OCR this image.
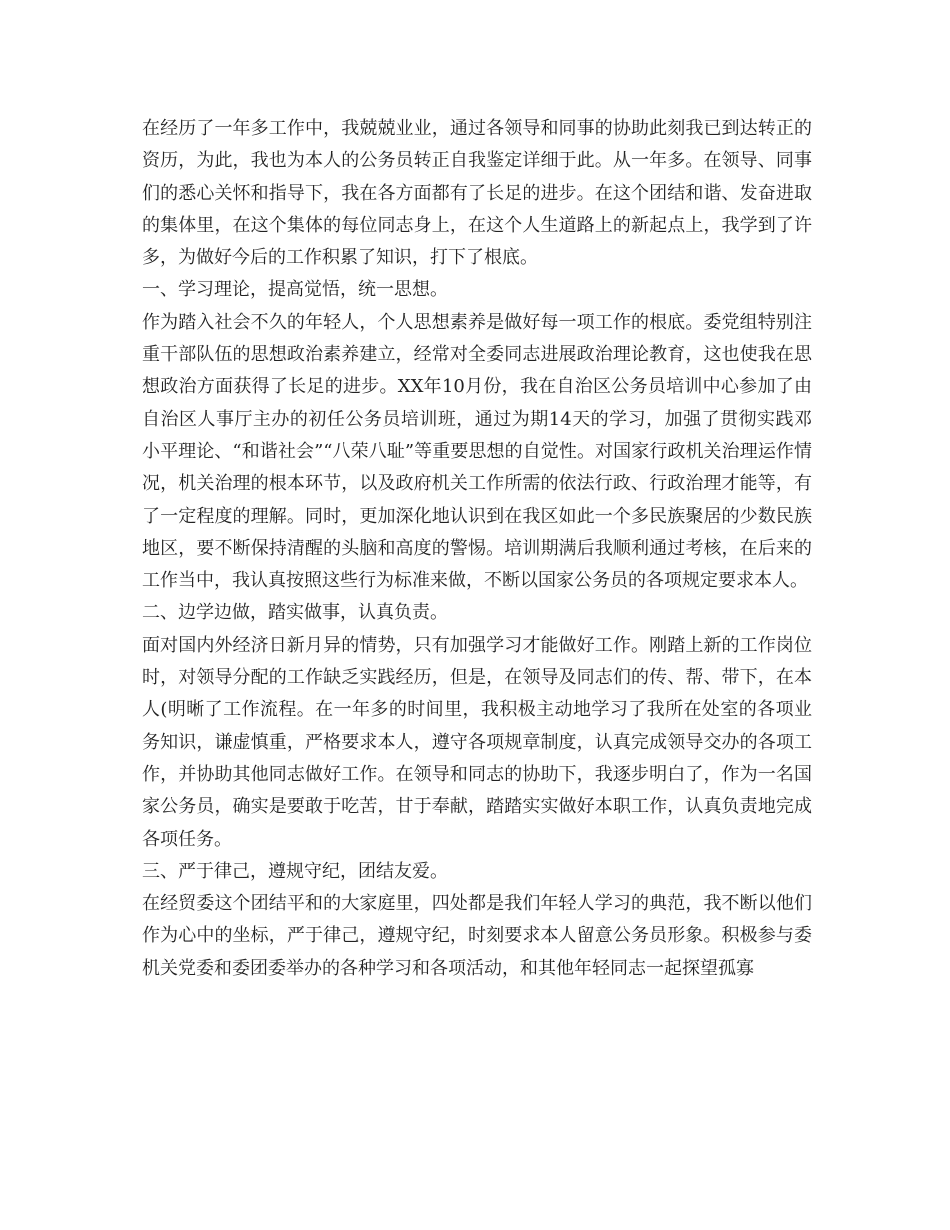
在经历了一年多工作中，我兢兢业业，通过各领导和同事的协助此刻我已到达转正的资历，为此，我也为本人的公务员转正自我鉴定详细于此。从一年多。在领导、同事们的悉心关怀和指导下，我在各方面都有了长足的进步。在这个团结和谐、发奋进取的集体里，在这个集体的每位同志身上，在这个人生道路上的新起点上，我学到了许多，为做好今后的工作积累了知识，打下了根底。

一、学习理论，提高觉悟，统一思想。

作为踏入社会不久的年轻人，个人思想素养是做好每一项工作的根底。委党组特别注重干部队伍的思想政治素养建立，经常对全委同志进展政治理论教育，这也使我在思想政治方面获得了长足的进步。XX年10月份，我在自治区公务员培训中心参加了由自治区人事厅主办的初任公务员培训班，通过为期14天的学习，加强了贯彻实践邓小平理论、“和谐社会”“八荣八耻”等重要思想的自觉性。对国家行政机关治理运作情况，机关治理的根本环节，以及政府机关工作所需的依法行政、行政治理才能等，有了一定程度的理解。同时，更加深化地认识到在我区如此一个多民族聚居的少数民族地区，要不断保持清醒的头脑和高度的警惕。培训期满后我顺利通过考核，在后来的工作当中，我认真按照这些行为标准来做，不断以国家公务员的各项规定要求本人。

二、边学边做，踏实做事，认真负责。

面对国内外经济日新月异的情势，只有加强学习才能做好工作。刚踏上新的工作岗位时，对领导分配的工作缺乏实践经历，但是，在领导及同志们的传、帮、带下，在本人(明晰了工作流程。在一年多的时间里，我积极主动地学习了我所在处室的各项业务知识，谦虚慎重，严格要求本人，遵守各项规章制度，认真完成领导交办的各项工作，并协助其他同志做好工作。在领导和同志的协助下，我逐步明白了，作为一名国家公务员，确实是要敢于吃苦，甘于奉献，踏踏实实做好本职工作，认真负责地完成各项任务。

三、严于律己，遵规守纪，团结友爱。

在经贸委这个团结平和的大家庭里，四处都是我们年轻人学习的典范，我不断以他们作为心中的坐标，严于律己，遵规守纪，时刻要求本人留意公务员形象。积极参与委机关党委和委团委举办的各种学习和各项活动，和其他年轻同志一起探望孤寡
